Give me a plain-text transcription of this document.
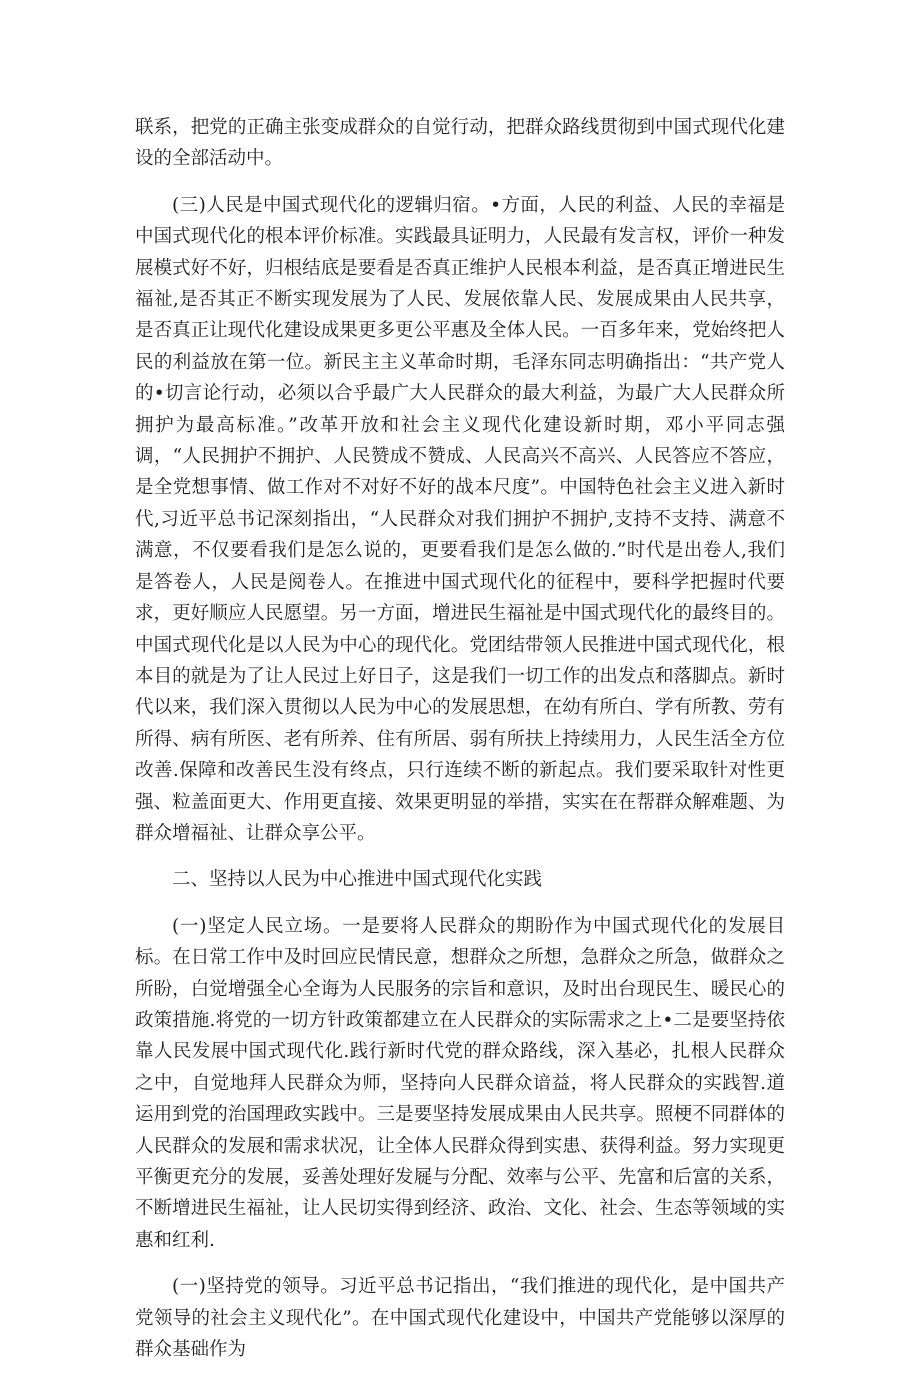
联系，把党的正确主张变成群众的自觉行动，把群众路线贯彻到中国式现代化建设的全部活动中。

(三)人民是中国式现代化的逻辑归宿。•方面，人民的利益、人民的幸福是中国式现代化的根本评价标准。实践最具证明力，人民最有发言权，评价一种发展模式好不好，归根结底是要看是否真正维护人民根本利益，是否真正增进民生福祉,是否其正不断实现发展为了人民、发展依靠人民、发展成果由人民共享，是否真正让现代化建设成果更多更公平惠及全体人民。一百多年来，党始终把人民的利益放在第一位。新民主主义革命时期，毛泽东同志明确指出：“共产党人的•切言论行动，必须以合乎最广大人民群众的最大利益，为最广大人民群众所拥护为最高标准。”改革开放和社会主义现代化建设新时期，邓小平同志强调，“人民拥护不拥护、人民赞成不赞成、人民高兴不高兴、人民答应不答应，是全党想事情、做工作对不对好不好的战本尺度”。中国特色社会主义进入新时代,习近平总书记深刻指出，“人民群众对我们拥护不拥护,支持不支持、满意不满意，不仅要看我们是怎么说的，更要看我们是怎么做的.”时代是出卷人,我们是答卷人，人民是阅卷人。在推进中国式现代化的征程中，要科学把握时代要求，更好顺应人民愿望。另一方面，增进民生福祉是中国式现代化的最终目的。中国式现代化是以人民为中心的现代化。党团结带领人民推进中国式现代化，根本目的就是为了让人民过上好日子，这是我们一切工作的出发点和落脚点。新时代以来，我们深入贯彻以人民为中心的发展思想，在幼有所白、学有所教、劳有所得、病有所医、老有所养、住有所居、弱有所扶上持续用力，人民生活全方位改善.保障和改善民生没有终点，只行连续不断的新起点。我们要采取针对性更强、粒盖面更大、作用更直接、效果更明显的举措，实实在在帮群众解难题、为群众增福祉、让群众享公平。

二、坚持以人民为中心推进中国式现代化实践

(一)坚定人民立场。一是要将人民群众的期盼作为中国式现代化的发展目标。在日常工作中及时回应民情民意，想群众之所想，急群众之所急，做群众之所盼，白觉增强全心全诲为人民服务的宗旨和意识，及时出台现民生、暖民心的政策措施.将党的一切方针政策都建立在人民群众的实际需求之上•二是要坚持依靠人民发展中国式现代化.践行新时代党的群众路线，深入基必，扎根人民群众之中，自觉地拜人民群众为师，坚持向人民群众谙益，将人民群众的实践智.道运用到党的治国理政实践中。三是要坚持发展成果由人民共享。照梗不同群体的人民群众的发展和需求状况，让全体人民群众得到实患、获得利益。努力实现更平衡更充分的发展，妥善处理好发屣与分配、效率与公平、先富和后富的关系，不断增进民生福祉，让人民切实得到经济、政治、文化、社会、生态等领域的实惠和红利.

(一)坚持党的领导。习近平总书记指出，“我们推进的现代化，是中国共产党领导的社会主义现代化”。在中国式现代化建设中，中国共产党能够以深厚的群众基础作为
